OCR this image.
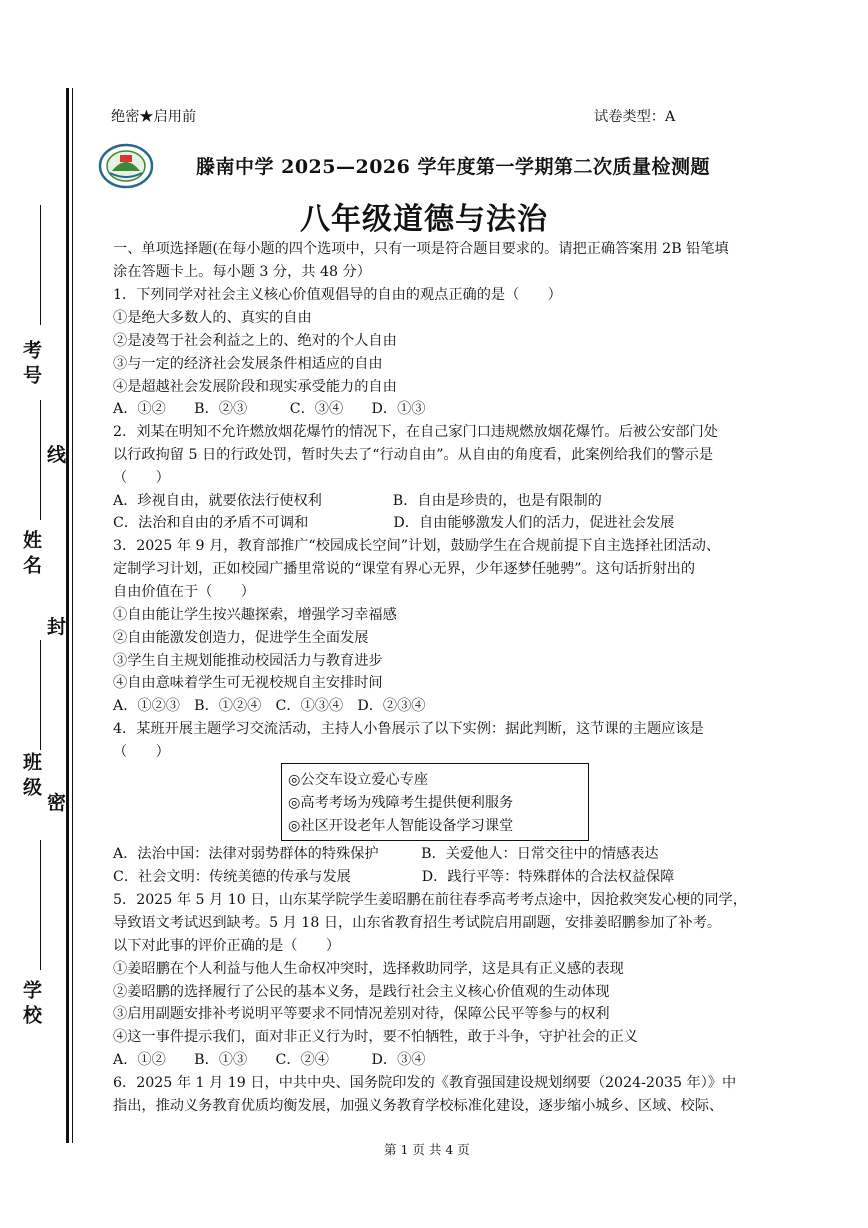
考号
姓名
班级
学校
线
封
密
绝密★启用前	试卷类型：A
滕南中学 2025—2026 学年度第一学期第二次质量检测题
八年级道德与法治
一、单项选择题(在每小题的四个选项中，只有一项是符合题目要求的。请把正确答案用 2B 铅笔填
涂在答题卡上。每小题 3 分，共 48 分）
1．下列同学对社会主义核心价值观倡导的自由的观点正确的是（　　）
①是绝大多数人的、真实的自由
②是凌驾于社会利益之上的、绝对的个人自由
③与一定的经济社会发展条件相适应的自由
④是超越社会发展阶段和现实承受能力的自由
A．①②　　B．②③　　　C．③④　　D．①③
2．刘某在明知不允许燃放烟花爆竹的情况下，在自己家门口违规燃放烟花爆竹。后被公安部门处
以行政拘留 5 日的行政处罚，暂时失去了“行动自由”。从自由的角度看，此案例给我们的警示是
（　　）
A．珍视自由，就要依法行使权利　　　　　B．自由是珍贵的，也是有限制的
C．法治和自由的矛盾不可调和　　　　　　D．自由能够激发人们的活力，促进社会发展
3．2025 年 9 月，教育部推广“校园成长空间”计划，鼓励学生在合规前提下自主选择社团活动、
定制学习计划，正如校园广播里常说的“课堂有界心无界，少年逐梦任驰骋”。这句话折射出的
自由价值在于（　　）
①自由能让学生按兴趣探索，增强学习幸福感
②自由能激发创造力，促进学生全面发展
③学生自主规划能推动校园活力与教育进步
④自由意味着学生可无视校规自主安排时间
A．①②③　B．①②④　C．①③④　D．②③④
4．某班开展主题学习交流活动，主持人小鲁展示了以下实例：据此判断，这节课的主题应该是
（　　）
◎公交车设立爱心专座
◎高考考场为残障考生提供便利服务
◎社区开设老年人智能设备学习课堂
A．法治中国：法律对弱势群体的特殊保护　　　B．关爱他人：日常交往中的情感表达
C．社会文明：传统美德的传承与发展　　　　　D．践行平等：特殊群体的合法权益保障
5．2025 年 5 月 10 日，山东某学院学生姜昭鹏在前往春季高考考点途中，因抢救突发心梗的同学，
导致语文考试迟到缺考。5 月 18 日，山东省教育招生考试院启用副题，安排姜昭鹏参加了补考。
以下对此事的评价正确的是（　　）
①姜昭鹏在个人利益与他人生命权冲突时，选择救助同学，这是具有正义感的表现
②姜昭鹏的选择履行了公民的基本义务，是践行社会主义核心价值观的生动体现
③启用副题安排补考说明平等要求不同情况差别对待，保障公民平等参与的权利
④这一事件提示我们，面对非正义行为时，要不怕牺牲，敢于斗争，守护社会的正义
A．①②　　B．①③　　C．②④　　　D．③④
6．2025 年 1 月 19 日，中共中央、国务院印发的《教育强国建设规划纲要（2024-2035 年）》中
指出，推动义务教育优质均衡发展，加强义务教育学校标准化建设，逐步缩小城乡、区域、校际、
第 1 页 共 4 页
